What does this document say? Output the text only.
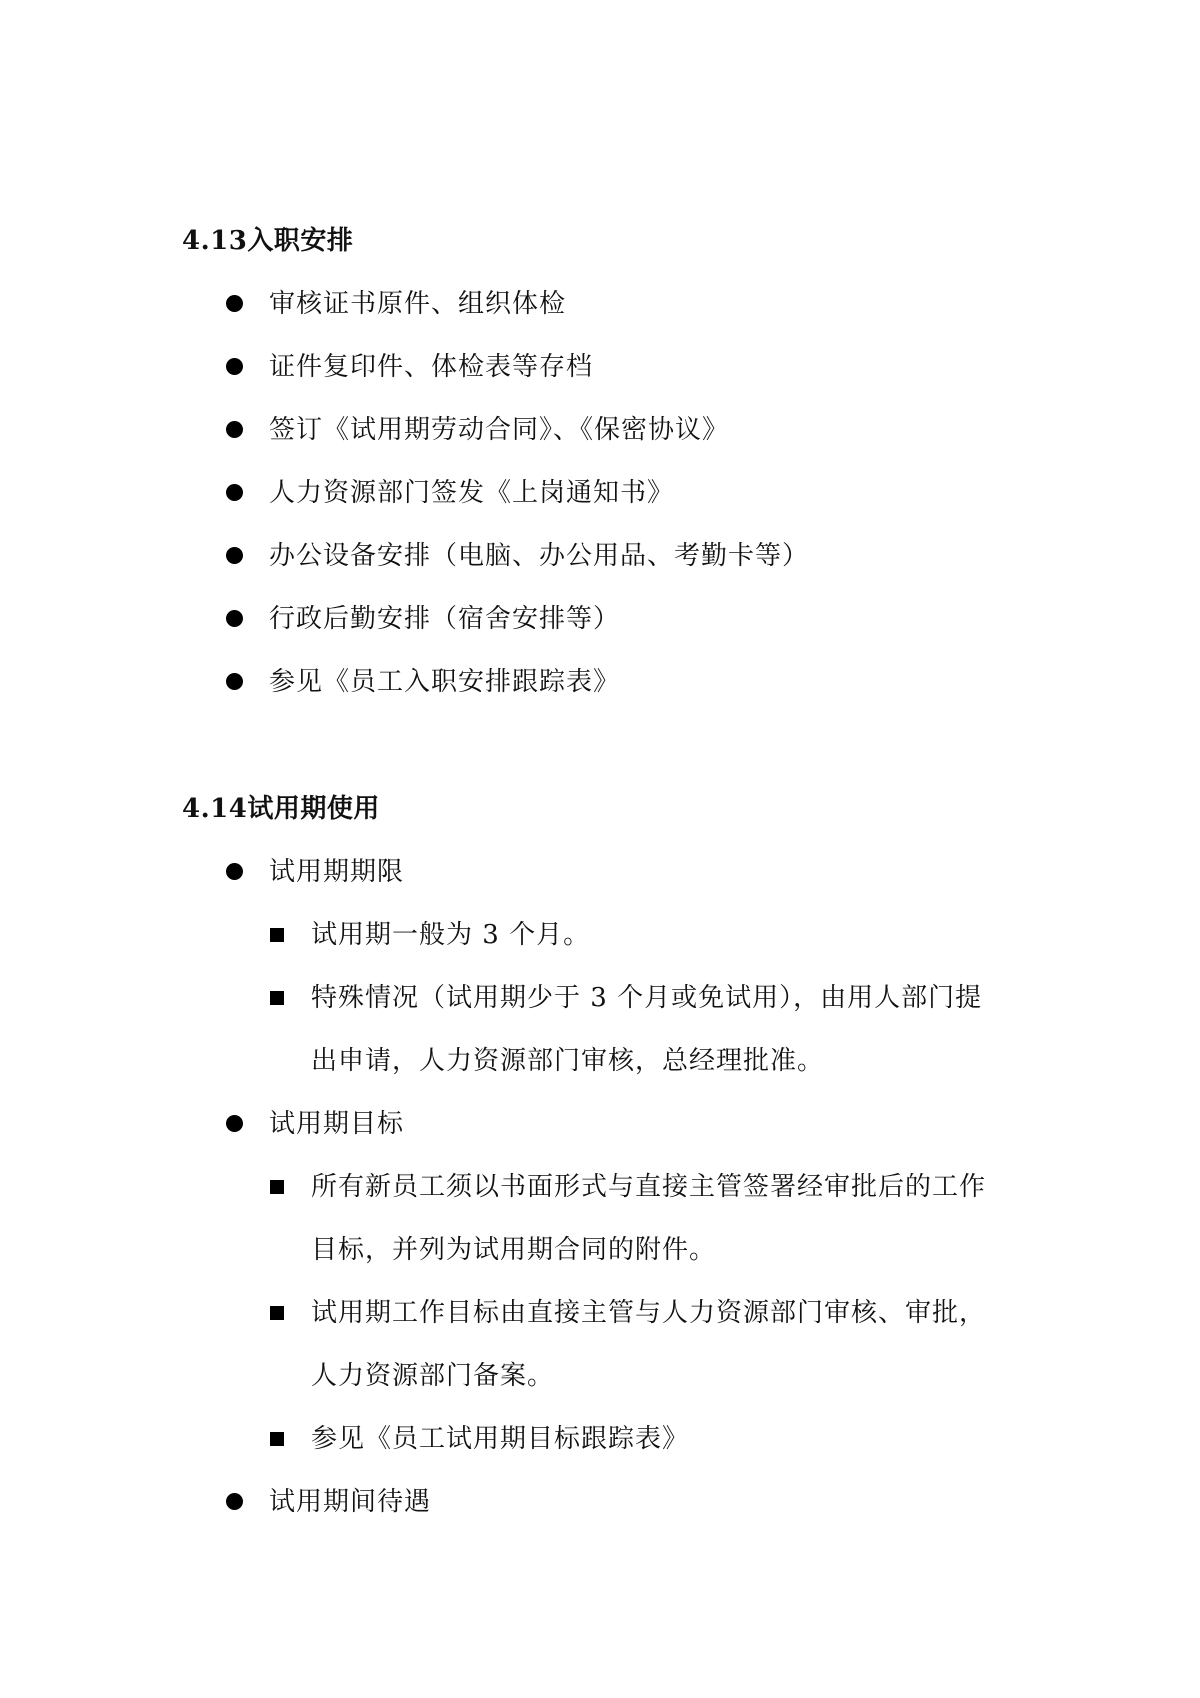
4.13入职安排
审核证书原件、组织体检
证件复印件、体检表等存档
签订《试用期劳动合同》、《保密协议》
人力资源部门签发《上岗通知书》
办公设备安排（电脑、办公用品、考勤卡等）
行政后勤安排（宿舍安排等）
参见《员工入职安排跟踪表》
4.14试用期使用
试用期期限
试用期一般为 3 个月。
特殊情况（试用期少于 3 个月或免试用），由用人部门提
出申请，人力资源部门审核，总经理批准。
试用期目标
所有新员工须以书面形式与直接主管签署经审批后的工作
目标，并列为试用期合同的附件。
试用期工作目标由直接主管与人力资源部门审核、审批，
人力资源部门备案。
参见《员工试用期目标跟踪表》
试用期间待遇
